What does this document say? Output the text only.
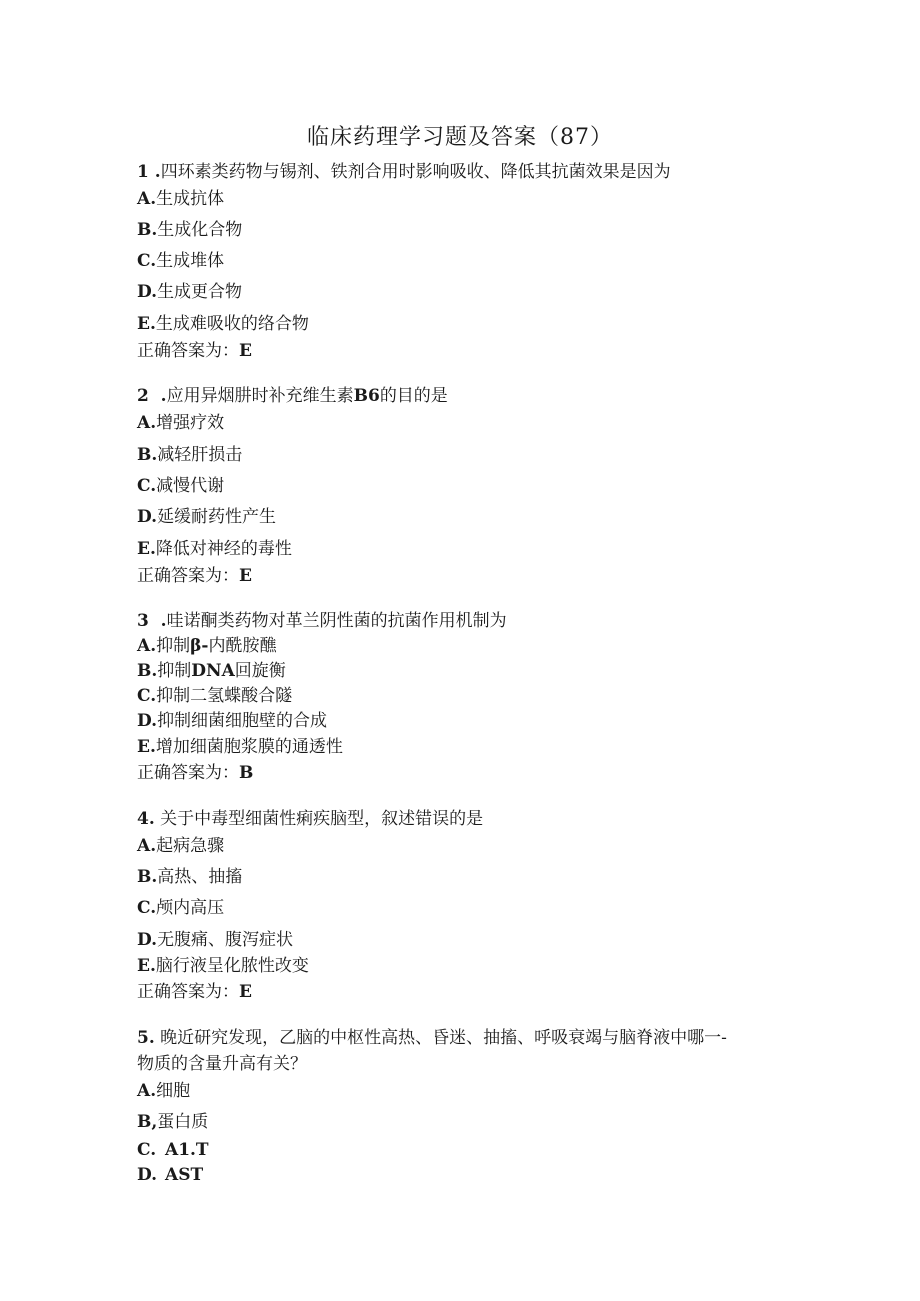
临床药理学习题及答案（87）
1 .四环素类药物与锡剂、铁剂合用时影响吸收、降低其抗菌效果是因为
A.生成抗体
B.生成化合物
C.生成堆体
D.生成更合物
E.生成难吸收的络合物
正确答案为：E
2  .应用异烟肼时补充维生素B6的目的是
A.增强疗效
B.减轻肝损击
C.减慢代谢
D.延缓耐药性产生
E.降低对神经的毒性
正确答案为：E
3  .哇诺酮类药物对革兰阴性菌的抗菌作用机制为
A.抑制β-内酰胺醮
B.抑制DNA回旋衡
C.抑制二氢蝶酸合隧
D.抑制细菌细胞壁的合成
E.增加细菌胞浆膜的通透性
正确答案为：B
4. 关于中毒型细菌性痢疾脑型，叙述错误的是
A.起病急骤
B.高热、抽搐
C.颅内高压
D.无腹痛、腹泻症状
E.脑行液呈化脓性改变
正确答案为：E
5. 晚近研究发现，乙脑的中枢性高热、昏迷、抽搐、呼吸衰竭与脑脊液中哪一-
物质的含量升高有关？
A.细胞
B,蛋白质
C. A1.T
D. AST
